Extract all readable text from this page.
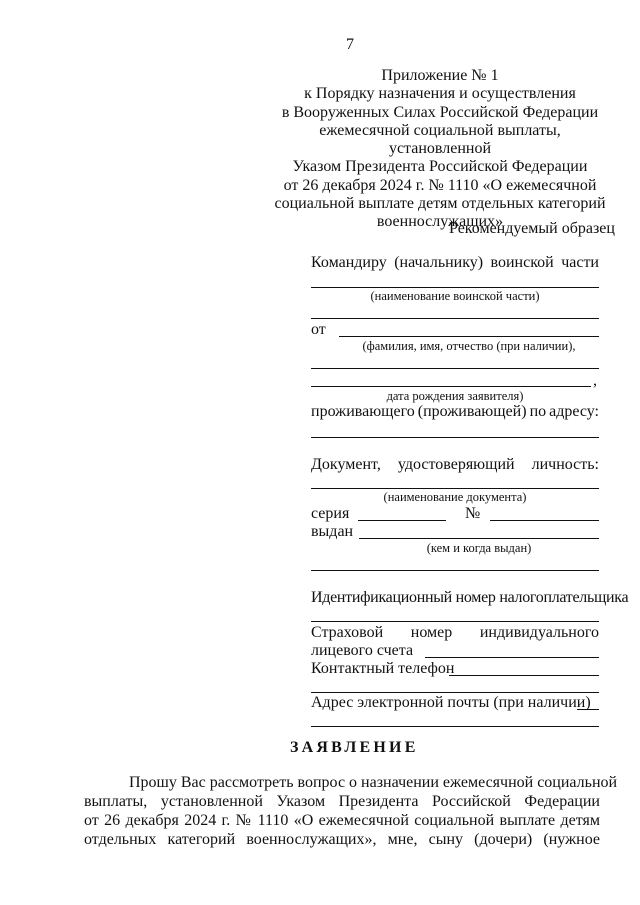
7
Приложение № 1
к Порядку назначения и осуществления
в Вооруженных Силах Российской Федерации
ежемесячной социальной выплаты, установленной
Указом Президента Российской Федерации
от 26 декабря 2024 г. № 1110 «О ежемесячной
социальной выплате детям отдельных категорий
военнослужащих»
Рекомендуемый образец
Командиру (начальнику) воинской части
(наименование воинской части)
от
(фамилия, имя, отчество (при наличии),
,
дата рождения заявителя)
проживающего (проживающей) по адресу:
Документ, удостоверяющий личность:
(наименование документа)
серия	№
выдан
(кем и когда выдан)
Идентификационный номер налогоплательщика
Страховой номер индивидуального
лицевого счета
Контактный телефон
Адрес электронной почты (при наличии)
ЗАЯВЛЕНИЕ
Прошу Вас рассмотреть вопрос о назначении ежемесячной социальной
выплаты, установленной Указом Президента Российской Федерации
от 26 декабря 2024 г. № 1110 «О ежемесячной социальной выплате детям
отдельных категорий военнослужащих», мне, сыну (дочери) (нужное
